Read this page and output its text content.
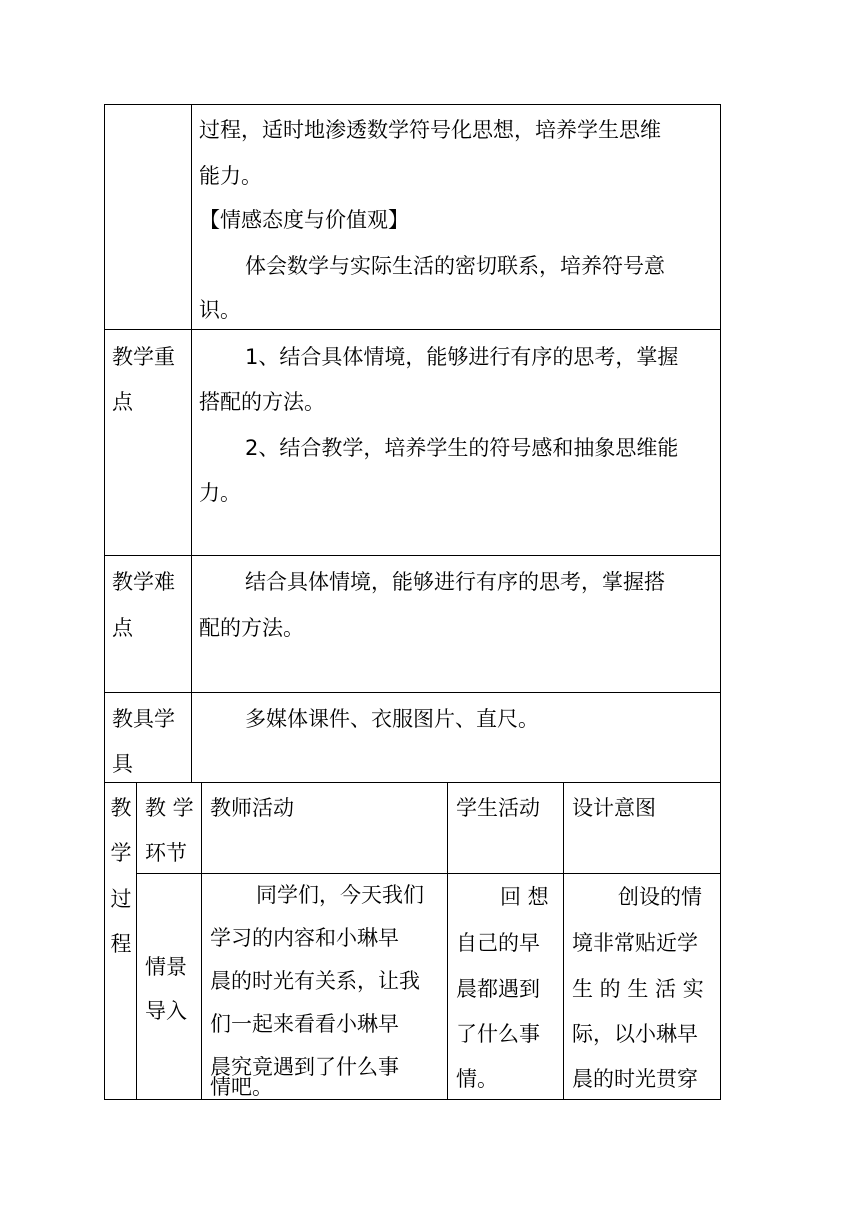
过程，适时地渗透数学符号化思想，培养学生思维
能力。
【情感态度与价值观】
体会数学与实际生活的密切联系，培养符号意
识。
教学重
点
1、结合具体情境，能够进行有序的思考，掌握
搭配的方法。
2、结合教学，培养学生的符号感和抽象思维能
力。
教学难
点
结合具体情境，能够进行有序的思考，掌握搭
配的方法。
教具学
具
多媒体课件、衣服图片、直尺。
教
学
过
程
教 学
环节
教师活动	学生活动 设计意图
情景
导入
同学们，今天我们
学习的内容和小琳早
晨的时光有关系，让我
们一起来看看小琳早
晨究竟遇到了什么事
情吧。
回 想
自己的早
晨都遇到
了什么事
情。
创设的情
境非常贴近学
生 的 生 活 实
际，以小琳早
晨的时光贯穿
